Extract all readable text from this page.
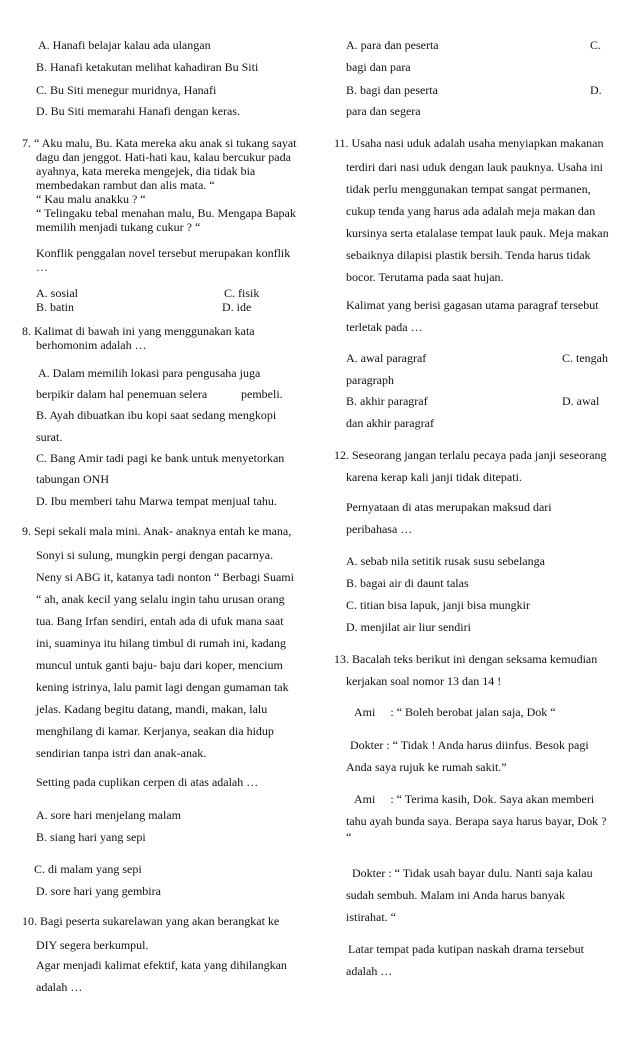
A. Hanafi belajar kalau ada ulangan
B. Hanafi ketakutan melihat kahadiran Bu Siti
C. Bu Siti menegur muridnya, Hanafi
D. Bu Siti memarahi Hanafi dengan keras.
7. “ Aku malu, Bu. Kata mereka aku anak si tukang sayat
dagu dan jenggot. Hati-hati kau, kalau bercukur pada
ayahnya, kata mereka mengejek, dia tidak bia
membedakan rambut dan alis mata. “
“ Kau malu anakku ? “
“ Telingaku tebal menahan malu, Bu. Mengapa Bapak
memilih menjadi tukang cukur ? “
Konflik penggalan novel tersebut merupakan konflik
…
A. sosial	C. fisik
B. batin	D. ide
8. Kalimat di bawah ini yang menggunakan kata
berhomonim adalah …
A. Dalam memilih lokasi para pengusaha juga
berpikir dalam hal penemuan selera	pembeli.
B. Ayah dibuatkan ibu kopi saat sedang mengkopi
surat.
C. Bang Amir tadi pagi ke bank untuk menyetorkan
tabungan ONH
D. Ibu memberi tahu Marwa tempat menjual tahu.
9. Sepi sekali mala mini. Anak- anaknya entah ke mana,
Sonyi si sulung, mungkin pergi dengan pacarnya.
Neny si ABG it, katanya tadi nonton “ Berbagi Suami
“ ah, anak kecil yang selalu ingin tahu urusan orang
tua. Bang Irfan sendiri, entah ada di ufuk mana saat
ini, suaminya itu hilang timbul di rumah ini, kadang
muncul untuk ganti baju- baju dari koper, mencium
kening istrinya, lalu pamit lagi dengan gumaman tak
jelas. Kadang begitu datang, mandi, makan, lalu
menghilang di kamar. Kerjanya, seakan dia hidup
sendirian tanpa istri dan anak-anak.
Setting pada cuplikan cerpen di atas adalah …
A. sore hari menjelang malam
B. siang hari yang sepi
C. di malam yang sepi
D. sore hari yang gembira
10. Bagi peserta sukarelawan yang akan berangkat ke
DIY segera berkumpul.
Agar menjadi kalimat efektif, kata yang dihilangkan
adalah …
A. para dan peserta	C.
bagi dan para
B. bagi dan peserta	D.
para dan segera
11. Usaha nasi uduk adalah usaha menyiapkan makanan
terdiri dari nasi uduk dengan lauk pauknya. Usaha ini
tidak perlu menggunakan tempat sangat permanen,
cukup tenda yang harus ada adalah meja makan dan
kursinya serta etalalase tempat lauk pauk. Meja makan
sebaiknya dilapisi plastik bersih. Tenda harus tidak
bocor. Terutama pada saat hujan.
Kalimat yang berisi gagasan utama paragraf tersebut
terletak pada …
A. awal paragraf	C. tengah
paragraph
B. akhir paragraf	D. awal
dan akhir paragraf
12. Seseorang jangan terlalu pecaya pada janji seseorang
karena kerap kali janji tidak ditepati.
Pernyataan di atas merupakan maksud dari
peribahasa …
A. sebab nila setitik rusak susu sebelanga
B. bagai air di daunt talas
C. titian bisa lapuk, janji bisa mungkir
D. menjilat air liur sendiri
13. Bacalah teks berikut ini dengan seksama kemudian
kerjakan soal nomor 13 dan 14 !
Ami     : “ Boleh berobat jalan saja, Dok “
Dokter : “ Tidak ! Anda harus diinfus. Besok pagi
Anda saya rujuk ke rumah sakit.”
Ami     : “ Terima kasih, Dok. Saya akan memberi
tahu ayah bunda saya. Berapa saya harus bayar, Dok ?
“
Dokter : “ Tidak usah bayar dulu. Nanti saja kalau
sudah sembuh. Malam ini Anda harus banyak
istirahat. “
Latar tempat pada kutipan naskah drama tersebut
adalah …
